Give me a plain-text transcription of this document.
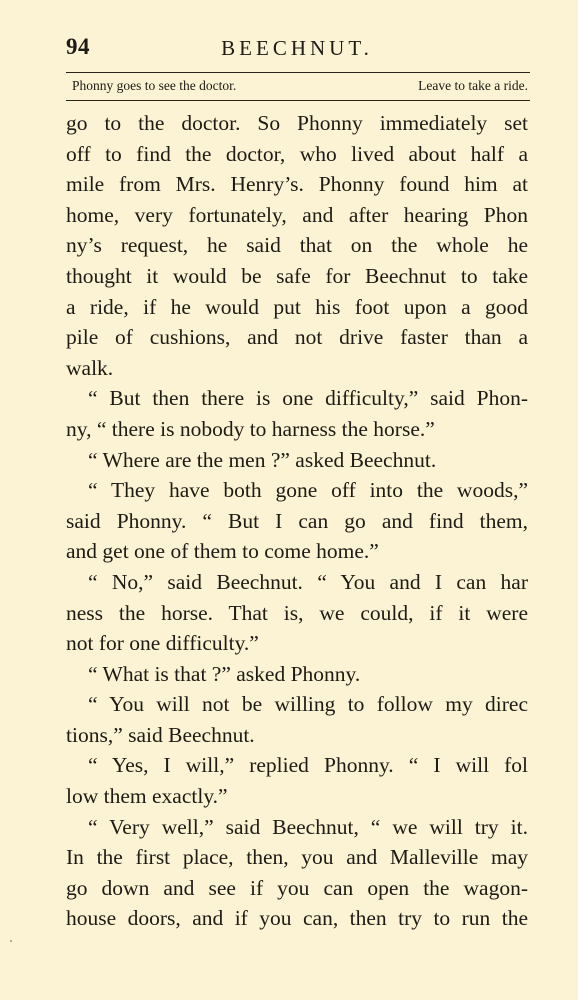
94	BEECHNUT.
Phonny goes to see the doctor.	Leave to take a ride.
go to the doctor. So Phonny immediately set
off to find the doctor, who lived about half a
mile from Mrs. Henry’s. Phonny found him at
home, very fortunately, and after hearing Phon
ny’s request, he said that on the whole he
thought it would be safe for Beechnut to take
a ride, if he would put his foot upon a good
pile of cushions, and not drive faster than a
walk.
“ But then there is one difficulty,” said Phon-
ny, “ there is nobody to harness the horse.”
“ Where are the men ?” asked Beechnut.
“ They have both gone off into the woods,”
said Phonny. “ But I can go and find them,
and get one of them to come home.”
“ No,” said Beechnut. “ You and I can har
ness the horse. That is, we could, if it were
not for one difficulty.”
“ What is that ?” asked Phonny.
“ You will not be willing to follow my direc
tions,” said Beechnut.
“ Yes, I will,” replied Phonny. “ I will fol
low them exactly.”
“ Very well,” said Beechnut, “ we will try it.
In the first place, then, you and Malleville may
go down and see if you can open the wagon-
house doors, and if you can, then try to run the
